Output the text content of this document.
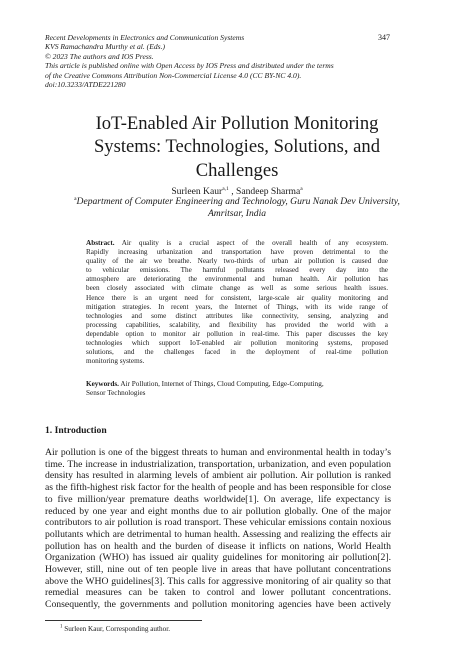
Recent Developments in Electronics and Communication Systems
KVS Ramachandra Murthy et al. (Eds.)
© 2023 The authors and IOS Press.
This article is published online with Open Access by IOS Press and distributed under the terms
of the Creative Commons Attribution Non-Commercial License 4.0 (CC BY-NC 4.0).
doi:10.3233/ATDE221280
347
IoT-Enabled Air Pollution Monitoring
Systems: Technologies, Solutions, and
Challenges
Surleen Kaur$^{a,1}$ , Sandeep Sharma$^a$
$^a$Department of Computer Engineering and Technology, Guru Nanak Dev University,
Amritsar, India
Abstract. Air quality is a crucial aspect of the overall health of any ecosystem.
Rapidly increasing urbanization and transportation have proven detrimental to the
quality of the air we breathe. Nearly two-thirds of urban air pollution is caused due
to vehicular emissions. The harmful pollutants released every day into the
atmosphere are deteriorating the environmental and human health. Air pollution has
been closely associated with climate change as well as some serious health issues.
Hence there is an urgent need for consistent, large-scale air quality monitoring and
mitigation strategies. In recent years, the Internet of Things, with its wide range of
technologies and some distinct attributes like connectivity, sensing, analyzing and
processing capabilities, scalability, and flexibility has provided the world with a
dependable option to monitor air pollution in real-time. This paper discusses the key
technologies which support IoT-enabled air pollution monitoring systems, proposed
solutions, and the challenges faced in the deployment of real-time pollution
monitoring systems.
Keywords. Air Pollution, Internet of Things, Cloud Computing, Edge-Computing,
Sensor Technologies
1. Introduction
Air pollution is one of the biggest threats to human and environmental health in today’s
time. The increase in industrialization, transportation, urbanization, and even population
density has resulted in alarming levels of ambient air pollution. Air pollution is ranked
as the fifth-highest risk factor for the health of people and has been responsible for close
to five million/year premature deaths worldwide[1]. On average, life expectancy is
reduced by one year and eight months due to air pollution globally. One of the major
contributors to air pollution is road transport. These vehicular emissions contain noxious
pollutants which are detrimental to human health. Assessing and realizing the effects air
pollution has on health and the burden of disease it inflicts on nations, World Health
Organization (WHO) has issued air quality guidelines for monitoring air pollution[2].
However, still, nine out of ten people live in areas that have pollutant concentrations
above the WHO guidelines[3]. This calls for aggressive monitoring of air quality so that
remedial measures can be taken to control and lower pollutant concentrations.
Consequently, the governments and pollution monitoring agencies have been actively
$^1$ Surleen Kaur, Corresponding author.
